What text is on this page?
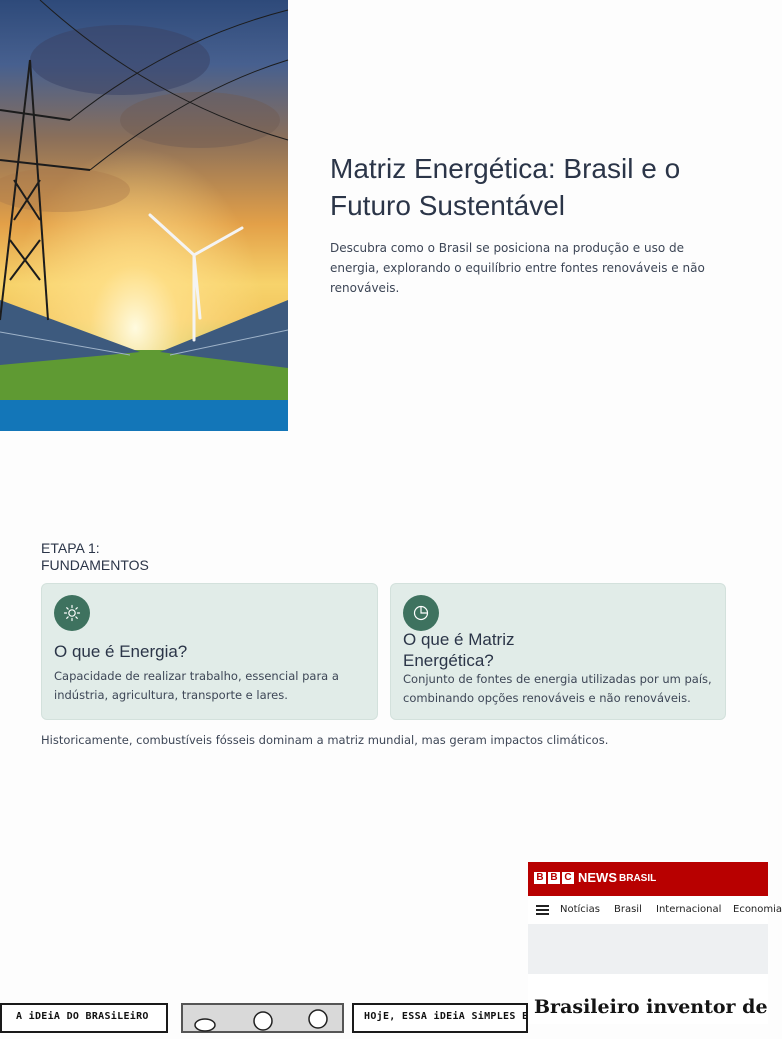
Matriz Energética: Brasil e o Futuro Sustentável

Descubra como o Brasil se posiciona na produção e uso de energia, explorando o equilíbrio entre fontes renováveis e não renováveis.

ETAPA 1:
FUNDAMENTOS
O que é Energia?

Capacidade de realizar trabalho, essencial para a indústria, agricultura, transporte e lares.

O que é Matriz Energética?

Conjunto de fontes de energia utilizadas por um país, combinando opções renováveis e não renováveis.

Historicamente, combustíveis fósseis dominam a matriz mundial, mas geram impactos climáticos.

B B C NEWS BRASIL
Notícias Brasil Internacional Economia
Brasileiro inventor de
A iDEiA DO BRASiLEiRO	HOjE, ESSA iDEiA SiMPLES E
